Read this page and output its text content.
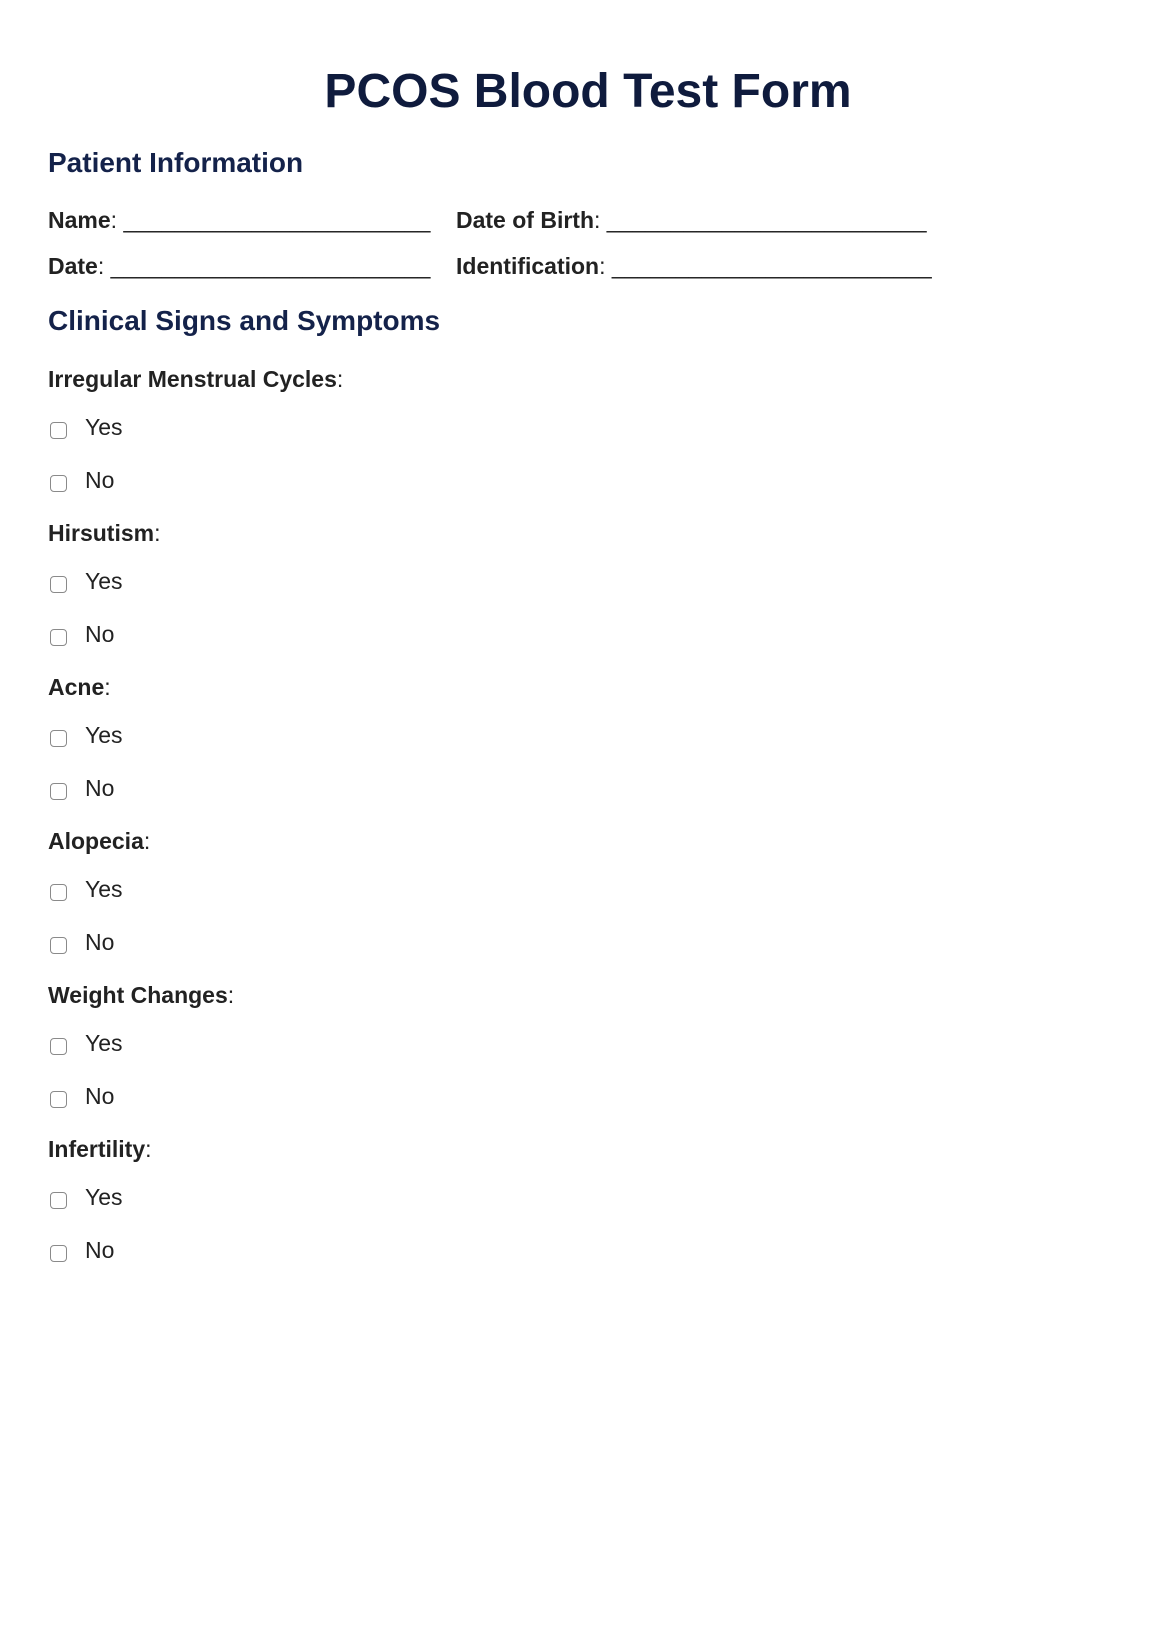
PCOS Blood Test Form
Patient Information
Name: ________________________ Date of Birth: _________________________
Date: _________________________ Identification: _________________________
Clinical Signs and Symptoms
Irregular Menstrual Cycles:
Yes
No
Hirsutism:
Yes
No
Acne:
Yes
No
Alopecia:
Yes
No
Weight Changes:
Yes
No
Infertility:
Yes
No
